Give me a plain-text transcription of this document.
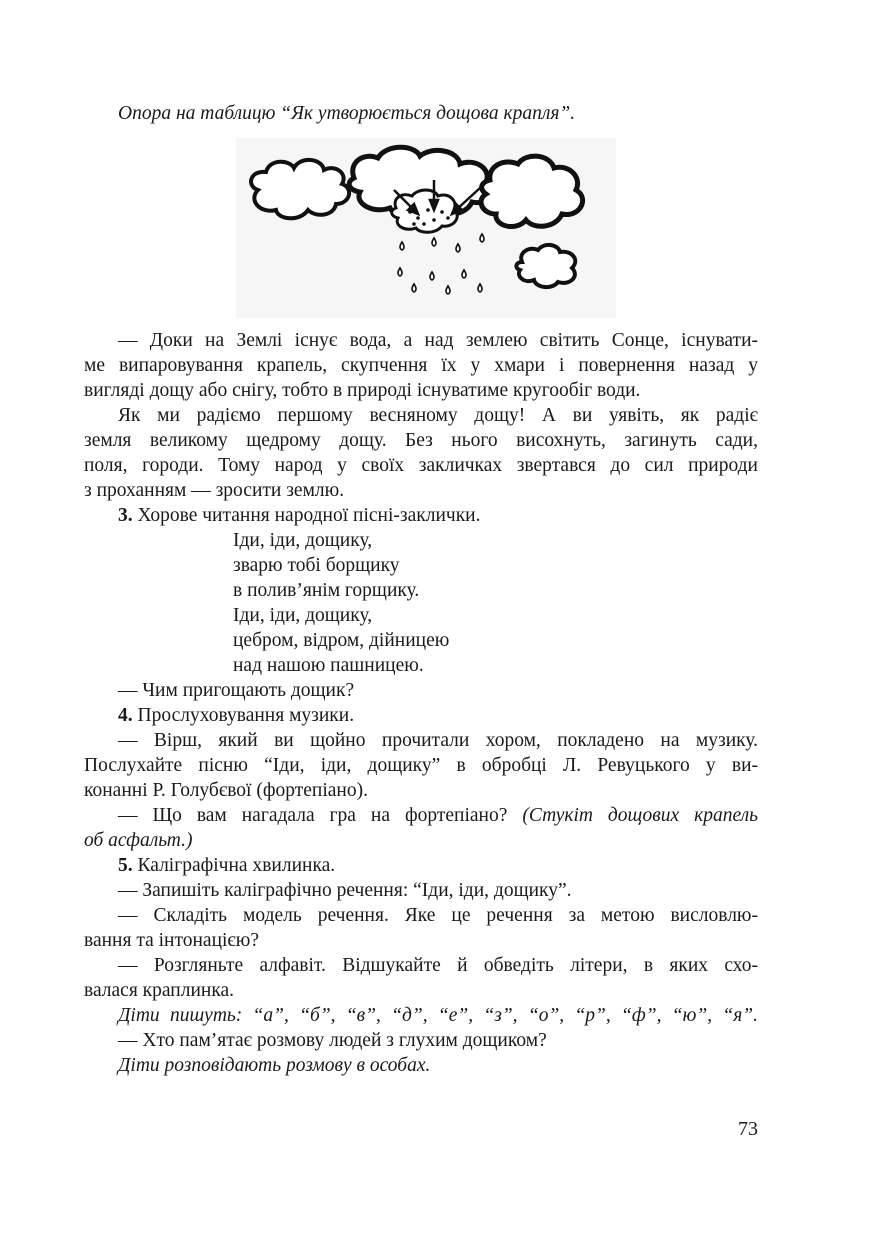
Опора на таблицю “Як утворюється дощова крапля”.
— Доки на Землі існує вода, а над землею світить Сонце, існувати-
ме випаровування крапель, скупчення їх у хмари і повернення назад у
вигляді дощу або снігу, тобто в природі існуватиме кругообіг води.
Як ми радіємо першому весняному дощу! А ви уявіть, як радіє
земля великому щедрому дощу. Без нього висохнуть, загинуть сади,
поля, городи. Тому народ у своїх закличках звертався до сил природи
з проханням — зросити землю.
3. Хорове читання народної пісні-заклички.
Іди, іди, дощику,
зварю тобі борщику
в полив’янім горщику.
Іди, іди, дощику,
цебром, відром, дійницею
над нашою пашницею.
— Чим пригощають дощик?
4. Прослуховування музики.
— Вірш, який ви щойно прочитали хором, покладено на музику.
Послухайте пісню “Іди, іди, дощику” в обробці Л. Ревуцького у ви-
конанні Р. Голубєвої (фортепіано).
— Що вам нагадала гра на фортепіано? (Стукіт дощових крапель
об асфальт.)
5. Каліграфічна хвилинка.
— Запишіть каліграфічно речення: “Іди, іди, дощику”.
— Складіть модель речення. Яке це речення за метою висловлю-
вання та інтонацією?
— Розгляньте алфавіт. Відшукайте й обведіть літери, в яких схо-
валася краплинка.
Діти пишуть: “а”, “б”, “в”, “д”, “е”, “з”, “о”, “р”, “ф”, “ю”, “я”.
— Хто пам’ятає розмову людей з глухим дощиком?
Діти розповідають розмову в особах.
73
